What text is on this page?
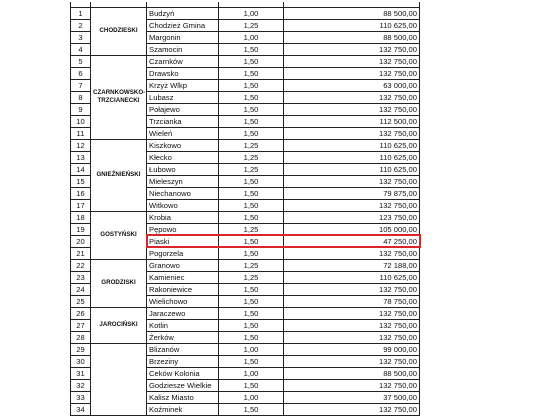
1	CHODZIESKI	Budzyń	1,00	88 500,00
2		Chodzież Gmina	1,25	110 625,00
3		Margonin	1,00	88 500,00
4		Szamocin	1,50	132 750,00
5	CZARNKOWSKO-TRZCIANECKI	Czarnków	1,50	132 750,00
6		Drawsko	1,50	132 750,00
7		Krzyż Wlkp	1,50	63 000,00
8		Lubasz	1,50	132 750,00
9		Połajewo	1,50	132 750,00
10		Trzcianka	1,50	112 500,00
11		Wieleń	1,50	132 750,00
12	GNIEŹNIEŃSKI	Kiszkowo	1,25	110 625,00
13		Kłecko	1,25	110 625,00
14		Łubowo	1,25	110 625,00
15		Mieleszyn	1,50	132 750,00
16		Niechanowo	1,50	79 875,00
17		Witkowo	1,50	132 750,00
18	GOSTYŃSKI	Krobia	1,50	123 750,00
19		Pępowo	1,25	105 000,00
20		Piaski	1,50	47 250,00
21		Pogorzela	1,50	132 750,00
22	GRODZISKI	Granowo	1,25	72 188,00
23		Kamieniec	1,25	110 625,00
24		Rakoniewice	1,50	132 750,00
25		Wielichowo	1,50	78 750,00
26	JAROCIŃSKI	Jaraczewo	1,50	132 750,00
27		Kotlin	1,50	132 750,00
28		Żerków	1,50	132 750,00
29		Blizanów	1,00	99 000,00
30		Brzeziny	1,50	132 750,00
31		Ceków Kolonia	1,00	88 500,00
32		Godziesze Wielkie	1,50	132 750,00
33		Kalisz Miasto	1,00	37 500,00
34		Koźminek	1,50	132 750,00
